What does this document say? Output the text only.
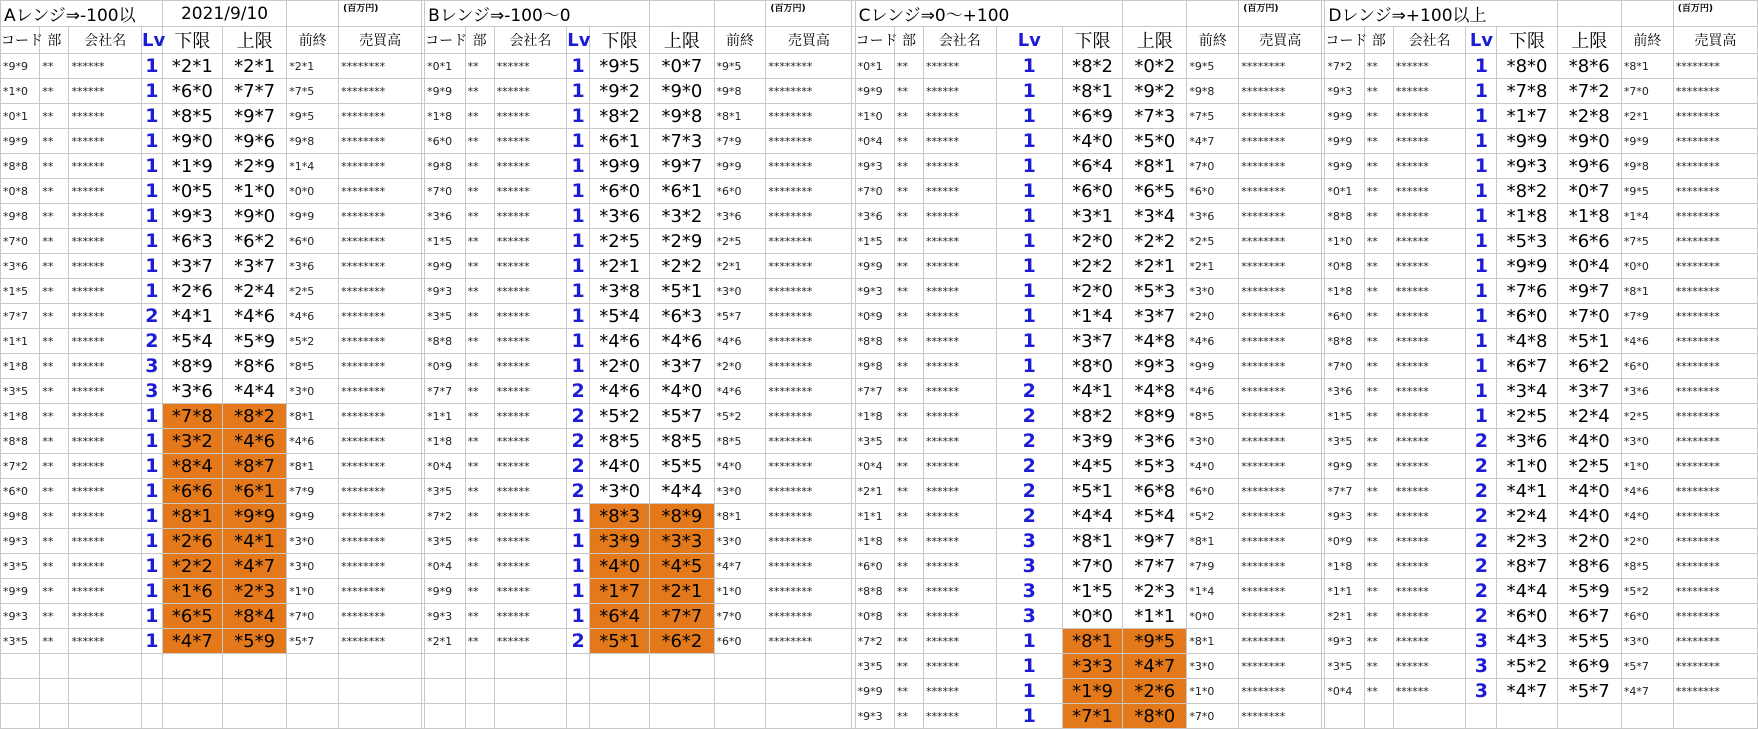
Aレンジ⇒-100以				2021/9/10			(百万円)		Bレンジ⇒-100～0							(百万円)		Cレンジ⇒0～+100							(百万円)		Dレンジ⇒+100以上							(百万円)
コード	部	会社名	Lv	下限	上限	前終	売買高		コード	部	会社名	Lv	下限	上限	前終	売買高		コード	部	会社名	Lv	下限	上限	前終	売買高		コード	部	会社名	Lv	下限	上限	前終	売買高
*9*9	**	******	1	*2*1	*2*1	*2*1	********		*0*1	**	******	1	*9*5	*0*7	*9*5	********		*0*1	**	******	1	*8*2	*0*2	*9*5	********		*7*2	**	******	1	*8*0	*8*6	*8*1	********
*1*0	**	******	1	*6*0	*7*7	*7*5	********		*9*9	**	******	1	*9*2	*9*0	*9*8	********		*9*9	**	******	1	*8*1	*9*2	*9*8	********		*9*3	**	******	1	*7*8	*7*2	*7*0	********
*0*1	**	******	1	*8*5	*9*7	*9*5	********		*1*8	**	******	1	*8*2	*9*8	*8*1	********		*1*0	**	******	1	*6*9	*7*3	*7*5	********		*9*9	**	******	1	*1*7	*2*8	*2*1	********
*9*9	**	******	1	*9*0	*9*6	*9*8	********		*6*0	**	******	1	*6*1	*7*3	*7*9	********		*0*4	**	******	1	*4*0	*5*0	*4*7	********		*9*9	**	******	1	*9*9	*9*0	*9*9	********
*8*8	**	******	1	*1*9	*2*9	*1*4	********		*9*8	**	******	1	*9*9	*9*7	*9*9	********		*9*3	**	******	1	*6*4	*8*1	*7*0	********		*9*9	**	******	1	*9*3	*9*6	*9*8	********
*0*8	**	******	1	*0*5	*1*0	*0*0	********		*7*0	**	******	1	*6*0	*6*1	*6*0	********		*7*0	**	******	1	*6*0	*6*5	*6*0	********		*0*1	**	******	1	*8*2	*0*7	*9*5	********
*9*8	**	******	1	*9*3	*9*0	*9*9	********		*3*6	**	******	1	*3*6	*3*2	*3*6	********		*3*6	**	******	1	*3*1	*3*4	*3*6	********		*8*8	**	******	1	*1*8	*1*8	*1*4	********
*7*0	**	******	1	*6*3	*6*2	*6*0	********		*1*5	**	******	1	*2*5	*2*9	*2*5	********		*1*5	**	******	1	*2*0	*2*2	*2*5	********		*1*0	**	******	1	*5*3	*6*6	*7*5	********
*3*6	**	******	1	*3*7	*3*7	*3*6	********		*9*9	**	******	1	*2*1	*2*2	*2*1	********		*9*9	**	******	1	*2*2	*2*1	*2*1	********		*0*8	**	******	1	*9*9	*0*4	*0*0	********
*1*5	**	******	1	*2*6	*2*4	*2*5	********		*9*3	**	******	1	*3*8	*5*1	*3*0	********		*9*3	**	******	1	*2*0	*5*3	*3*0	********		*1*8	**	******	1	*7*6	*9*7	*8*1	********
*7*7	**	******	2	*4*1	*4*6	*4*6	********		*3*5	**	******	1	*5*4	*6*3	*5*7	********		*0*9	**	******	1	*1*4	*3*7	*2*0	********		*6*0	**	******	1	*6*0	*7*0	*7*9	********
*1*1	**	******	2	*5*4	*5*9	*5*2	********		*8*8	**	******	1	*4*6	*4*6	*4*6	********		*8*8	**	******	1	*3*7	*4*8	*4*6	********		*8*8	**	******	1	*4*8	*5*1	*4*6	********
*1*8	**	******	3	*8*9	*8*6	*8*5	********		*0*9	**	******	1	*2*0	*3*7	*2*0	********		*9*8	**	******	1	*8*0	*9*3	*9*9	********		*7*0	**	******	1	*6*7	*6*2	*6*0	********
*3*5	**	******	3	*3*6	*4*4	*3*0	********		*7*7	**	******	2	*4*6	*4*0	*4*6	********		*7*7	**	******	2	*4*1	*4*8	*4*6	********		*3*6	**	******	1	*3*4	*3*7	*3*6	********
*1*8	**	******	1	*7*8	*8*2	*8*1	********		*1*1	**	******	2	*5*2	*5*7	*5*2	********		*1*8	**	******	2	*8*2	*8*9	*8*5	********		*1*5	**	******	1	*2*5	*2*4	*2*5	********
*8*8	**	******	1	*3*2	*4*6	*4*6	********		*1*8	**	******	2	*8*5	*8*5	*8*5	********		*3*5	**	******	2	*3*9	*3*6	*3*0	********		*3*5	**	******	2	*3*6	*4*0	*3*0	********
*7*2	**	******	1	*8*4	*8*7	*8*1	********		*0*4	**	******	2	*4*0	*5*5	*4*0	********		*0*4	**	******	2	*4*5	*5*3	*4*0	********		*9*9	**	******	2	*1*0	*2*5	*1*0	********
*6*0	**	******	1	*6*6	*6*1	*7*9	********		*3*5	**	******	2	*3*0	*4*4	*3*0	********		*2*1	**	******	2	*5*1	*6*8	*6*0	********		*7*7	**	******	2	*4*1	*4*0	*4*6	********
*9*8	**	******	1	*8*1	*9*9	*9*9	********		*7*2	**	******	1	*8*3	*8*9	*8*1	********		*1*1	**	******	2	*4*4	*5*4	*5*2	********		*9*3	**	******	2	*2*4	*4*0	*4*0	********
*9*3	**	******	1	*2*6	*4*1	*3*0	********		*3*5	**	******	1	*3*9	*3*3	*3*0	********		*1*8	**	******	3	*8*1	*9*7	*8*1	********		*0*9	**	******	2	*2*3	*2*0	*2*0	********
*3*5	**	******	1	*2*2	*4*7	*3*0	********		*0*4	**	******	1	*4*0	*4*5	*4*7	********		*6*0	**	******	3	*7*0	*7*7	*7*9	********		*1*8	**	******	2	*8*7	*8*6	*8*5	********
*9*9	**	******	1	*1*6	*2*3	*1*0	********		*9*9	**	******	1	*1*7	*2*1	*1*0	********		*8*8	**	******	3	*1*5	*2*3	*1*4	********		*1*1	**	******	2	*4*4	*5*9	*5*2	********
*9*3	**	******	1	*6*5	*8*4	*7*0	********		*9*3	**	******	1	*6*4	*7*7	*7*0	********		*0*8	**	******	3	*0*0	*1*1	*0*0	********		*2*1	**	******	2	*6*0	*6*7	*6*0	********
*3*5	**	******	1	*4*7	*5*9	*5*7	********		*2*1	**	******	2	*5*1	*6*2	*6*0	********		*7*2	**	******	1	*8*1	*9*5	*8*1	********		*9*3	**	******	3	*4*3	*5*5	*3*0	********
																		*3*5	**	******	1	*3*3	*4*7	*3*0	********		*3*5	**	******	3	*5*2	*6*9	*5*7	********
																		*9*9	**	******	1	*1*9	*2*6	*1*0	********		*0*4	**	******	3	*4*7	*5*7	*4*7	********
																		*9*3	**	******	1	*7*1	*8*0	*7*0	********									
